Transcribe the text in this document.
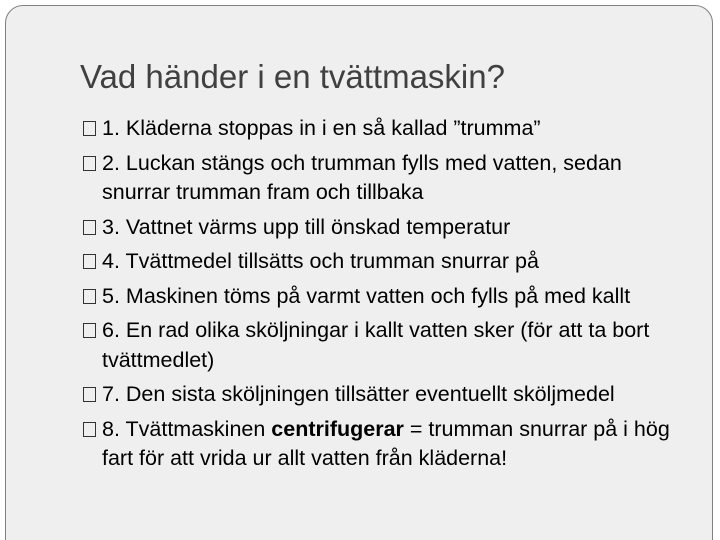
Vad händer i en tvättmaskin?
1. Kläderna stoppas in i en så kallad ”trumma”
2. Luckan stängs och trumman fylls med vatten, sedan snurrar trumman fram och tillbaka
3. Vattnet värms upp till önskad temperatur
4. Tvättmedel tillsätts och trumman snurrar på
5. Maskinen töms på varmt vatten och fylls på med kallt
6. En rad olika sköljningar i kallt vatten sker (för att ta bort tvättmedlet)
7. Den sista sköljningen tillsätter eventuellt sköljmedel
8. Tvättmaskinen centrifugerar = trumman snurrar på i hög fart för att vrida ur allt vatten från kläderna!
